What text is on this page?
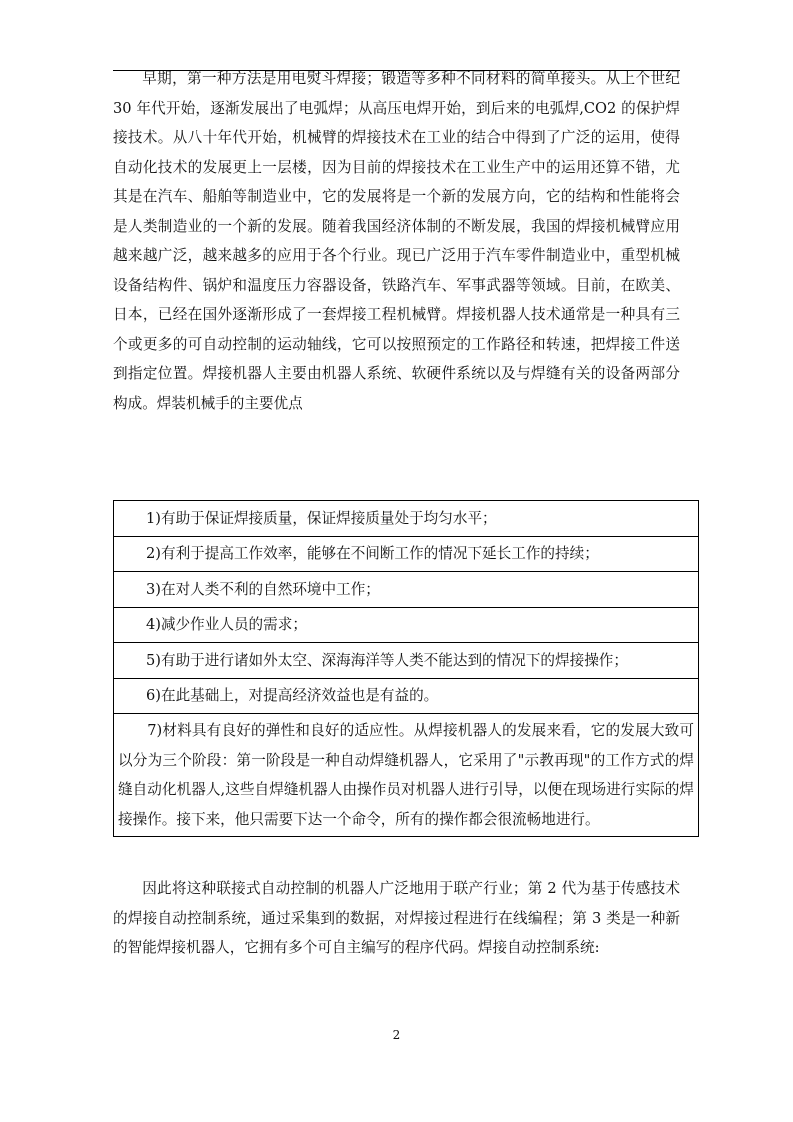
早期，第一种方法是用电熨斗焊接；锻造等多种不同材料的简单接头。从上个世纪 30 年代开始，逐渐发展出了电弧焊；从高压电焊开始，到后来的电弧焊,CO2 的保护焊接技术。从八十年代开始，机械臂的焊接技术在工业的结合中得到了广泛的运用，使得自动化技术的发展更上一层楼，因为目前的焊接技术在工业生产中的运用还算不错，尤其是在汽车、船舶等制造业中，它的发展将是一个新的发展方向，它的结构和性能将会是人类制造业的一个新的发展。随着我国经济体制的不断发展，我国的焊接机械臂应用越来越广泛，越来越多的应用于各个行业。现已广泛用于汽车零件制造业中，重型机械设备结构件、锅炉和温度压力容器设备，铁路汽车、军事武器等领域。目前，在欧美、日本，已经在国外逐渐形成了一套焊接工程机械臂。焊接机器人技术通常是一种具有三个或更多的可自动控制的运动轴线，它可以按照预定的工作路径和转速，把焊接工件送到指定位置。焊接机器人主要由机器人系统、软硬件系统以及与焊缝有关的设备两部分构成。焊装机械手的主要优点

1)有助于保证焊接质量，保证焊接质量处于均匀水平；
2)有利于提高工作效率，能够在不间断工作的情况下延长工作的持续；
3)在对人类不利的自然环境中工作；
4)减少作业人员的需求；
5)有助于进行诸如外太空、深海海洋等人类不能达到的情况下的焊接操作；
6)在此基础上，对提高经济效益也是有益的。
7)材料具有良好的弹性和良好的适应性。从焊接机器人的发展来看，它的发展大致可以分为三个阶段：第一阶段是一种自动焊缝机器人，它采用了"示教再现"的工作方式的焊缝自动化机器人,这些自焊缝机器人由操作员对机器人进行引导，以便在现场进行实际的焊接操作。接下来，他只需要下达一个命令，所有的操作都会很流畅地进行。

因此将这种联接式自动控制的机器人广泛地用于联产行业；第 2 代为基于传感技术的焊接自动控制系统，通过采集到的数据，对焊接过程进行在线编程；第 3 类是一种新的智能焊接机器人，它拥有多个可自主编写的程序代码。焊接自动控制系统:

2
